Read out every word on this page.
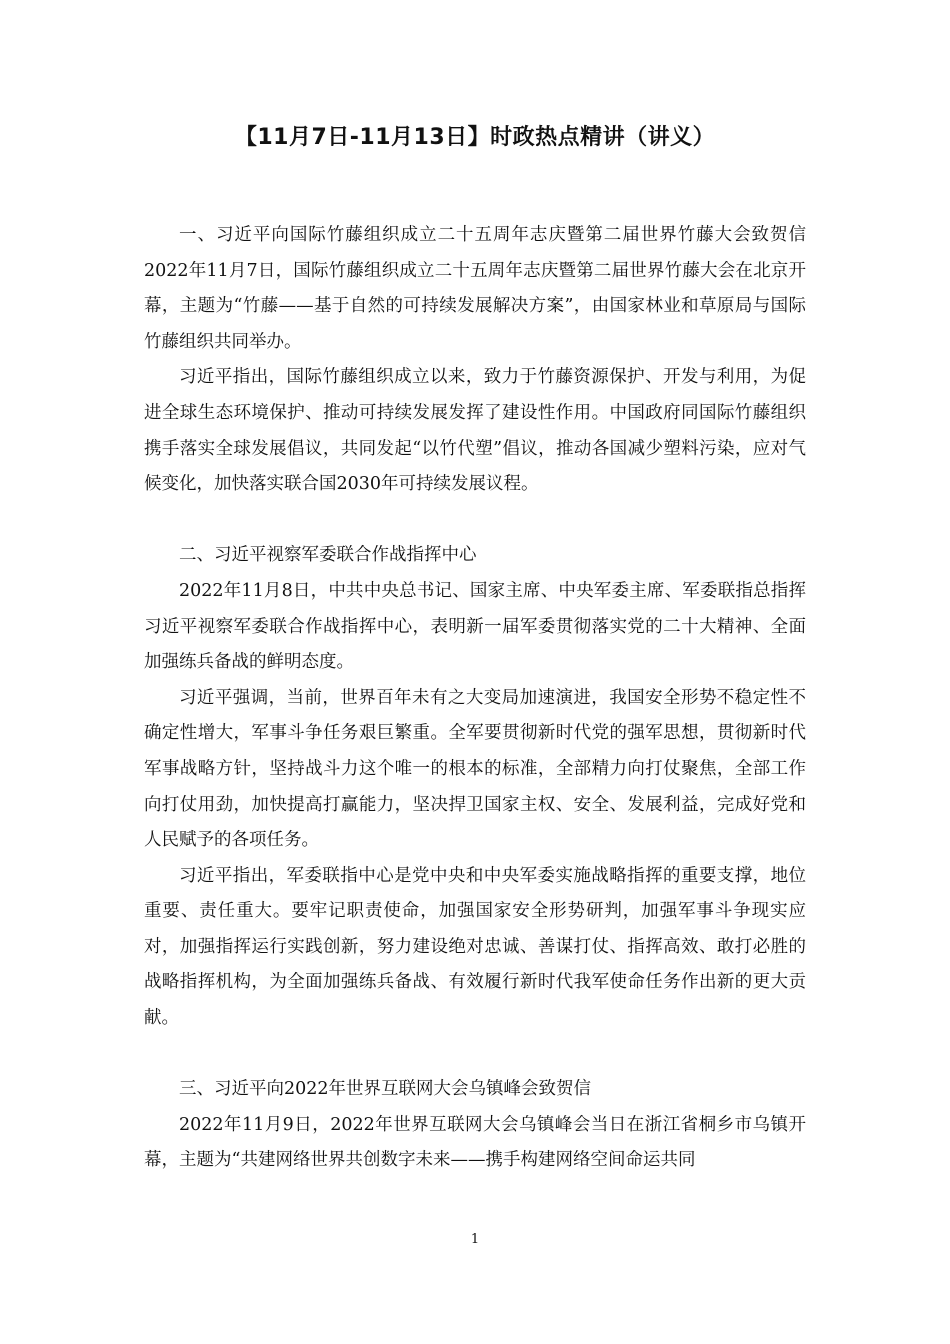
【11月7日-11月13日】时政热点精讲（讲义）

一、习近平向国际竹藤组织成立二十五周年志庆暨第二届世界竹藤大会致贺信2022年11月7日，国际竹藤组织成立二十五周年志庆暨第二届世界竹藤大会在北京开幕，主题为“竹藤——基于自然的可持续发展解决方案”，由国家林业和草原局与国际竹藤组织共同举办。

习近平指出，国际竹藤组织成立以来，致力于竹藤资源保护、开发与利用，为促进全球生态环境保护、推动可持续发展发挥了建设性作用。中国政府同国际竹藤组织携手落实全球发展倡议，共同发起“以竹代塑”倡议，推动各国减少塑料污染，应对气候变化，加快落实联合国2030年可持续发展议程。

二、习近平视察军委联合作战指挥中心

2022年11月8日，中共中央总书记、国家主席、中央军委主席、军委联指总指挥习近平视察军委联合作战指挥中心，表明新一届军委贯彻落实党的二十大精神、全面加强练兵备战的鲜明态度。

习近平强调，当前，世界百年未有之大变局加速演进，我国安全形势不稳定性不确定性增大，军事斗争任务艰巨繁重。全军要贯彻新时代党的强军思想，贯彻新时代军事战略方针，坚持战斗力这个唯一的根本的标准，全部精力向打仗聚焦，全部工作向打仗用劲，加快提高打赢能力，坚决捍卫国家主权、安全、发展利益，完成好党和人民赋予的各项任务。

习近平指出，军委联指中心是党中央和中央军委实施战略指挥的重要支撑，地位重要、责任重大。要牢记职责使命，加强国家安全形势研判，加强军事斗争现实应对，加强指挥运行实践创新，努力建设绝对忠诚、善谋打仗、指挥高效、敢打必胜的战略指挥机构，为全面加强练兵备战、有效履行新时代我军使命任务作出新的更大贡献。

三、习近平向2022年世界互联网大会乌镇峰会致贺信

2022年11月9日，2022年世界互联网大会乌镇峰会当日在浙江省桐乡市乌镇开幕，主题为“共建网络世界共创数字未来——携手构建网络空间命运共同

1
